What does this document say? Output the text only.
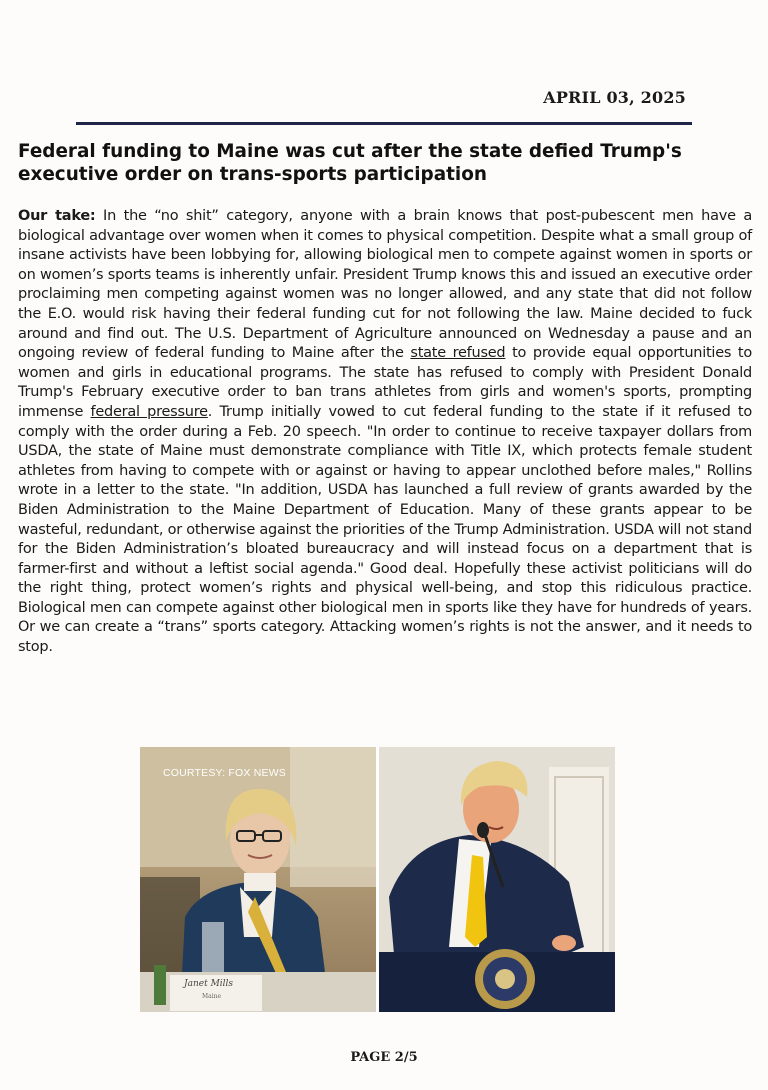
APRIL 03, 2025
Federal funding to Maine was cut after the state defied Trump's executive order on trans-sports participation

Our take: In the “no shit” category, anyone with a brain knows that post-pubescent men have a biological advantage over women when it comes to physical competition. Despite what a small group of insane activists have been lobbying for, allowing biological men to compete against women in sports or on women’s sports teams is inherently unfair. President Trump knows this and issued an executive order proclaiming men competing against women was no longer allowed, and any state that did not follow the E.O. would risk having their federal funding cut for not following the law. Maine decided to fuck around and find out. The U.S. Department of Agriculture announced on Wednesday a pause and an ongoing review of federal funding to Maine after the state refused to provide equal opportunities to women and girls in educational programs. The state has refused to comply with President Donald Trump's February executive order to ban trans athletes from girls and women's sports, prompting immense federal pressure. Trump initially vowed to cut federal funding to the state if it refused to comply with the order during a Feb. 20 speech. "In order to continue to receive taxpayer dollars from USDA, the state of Maine must demonstrate compliance with Title IX, which protects female student athletes from having to compete with or against or having to appear unclothed before males," Rollins wrote in a letter to the state. "In addition, USDA has launched a full review of grants awarded by the Biden Administration to the Maine Department of Education. Many of these grants appear to be wasteful, redundant, or otherwise against the priorities of the Trump Administration. USDA will not stand for the Biden Administration’s bloated bureaucracy and will instead focus on a department that is farmer-first and without a leftist social agenda." Good deal. Hopefully these activist politicians will do the right thing, protect women’s rights and physical well-being, and stop this ridiculous practice. Biological men can compete against other biological men in sports like they have for hundreds of years. Or we can create a “trans” sports category. Attacking women’s rights is not the answer, and it needs to stop.

COURTESY: FOX NEWS
Janet Mills
Maine
PAGE 2/5
